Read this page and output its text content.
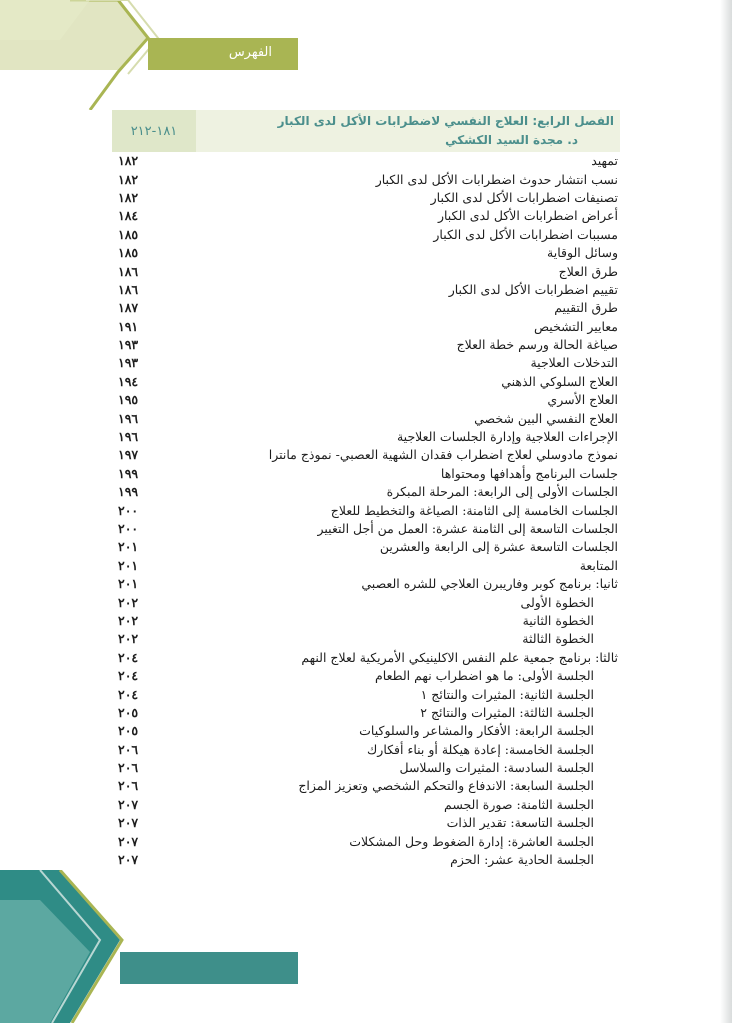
الفهرس
١٨١-٢١٢
الفصل الرابع: العلاج النفسي لاضطرابات الأكل لدى الكبار
د. مجدة السيد الكشكي
تمهيد
١٨٢
نسب انتشار حدوث اضطرابات الأكل لدى الكبار
١٨٢
تصنيفات اضطرابات الأكل لدى الكبار
١٨٢
أعراض اضطرابات الأكل لدى الكبار
١٨٤
مسببات اضطرابات الأكل لدى الكبار
١٨٥
وسائل الوقاية
١٨٥
طرق العلاج
١٨٦
تقييم اضطرابات الأكل لدى الكبار
١٨٦
طرق التقييم
١٨٧
معايير التشخيص
١٩١
صياغة الحالة ورسم خطة العلاج
١٩٣
التدخلات العلاجية
١٩٣
العلاج السلوكي الذهني
١٩٤
العلاج الأسري
١٩٥
العلاج النفسي البين شخصي
١٩٦
الإجراءات العلاجية وإدارة الجلسات العلاجية
١٩٦
نموذج مادوسلي لعلاج اضطراب فقدان الشهية العصبي- نموذج مانترا
١٩٧
جلسات البرنامج وأهدافها ومحتواها
١٩٩
الجلسات الأولى إلى الرابعة: المرحلة المبكرة
١٩٩
الجلسات الخامسة إلى الثامنة: الصياغة والتخطيط للعلاج
٢٠٠
الجلسات التاسعة إلى الثامنة عشرة: العمل من أجل التغيير
٢٠٠
الجلسات التاسعة عشرة إلى الرابعة والعشرين
٢٠١
المتابعة
٢٠١
ثانيا: برنامج كوبر وفاريبرن العلاجي للشره العصبي
٢٠١
الخطوة الأولى
٢٠٢
الخطوة الثانية
٢٠٢
الخطوة الثالثة
٢٠٢
ثالثا: برنامج جمعية علم النفس الاكلينيكي الأمريكية لعلاج النهم
٢٠٤
الجلسة الأولى: ما هو اضطراب نهم الطعام
٢٠٤
الجلسة الثانية: المثيرات والنتائج ١
٢٠٤
الجلسة الثالثة: المثيرات والنتائج ٢
٢٠٥
الجلسة الرابعة: الأفكار والمشاعر والسلوكيات
٢٠٥
الجلسة الخامسة: إعادة هيكلة أو بناء أفكارك
٢٠٦
الجلسة السادسة: المثيرات والسلاسل
٢٠٦
الجلسة السابعة: الاندفاع والتحكم الشخصي وتعزيز المزاج
٢٠٦
الجلسة الثامنة: صورة الجسم
٢٠٧
الجلسة التاسعة: تقدير الذات
٢٠٧
الجلسة العاشرة: إدارة الضغوط وحل المشكلات
٢٠٧
الجلسة الحادية عشر: الحزم
٢٠٧
